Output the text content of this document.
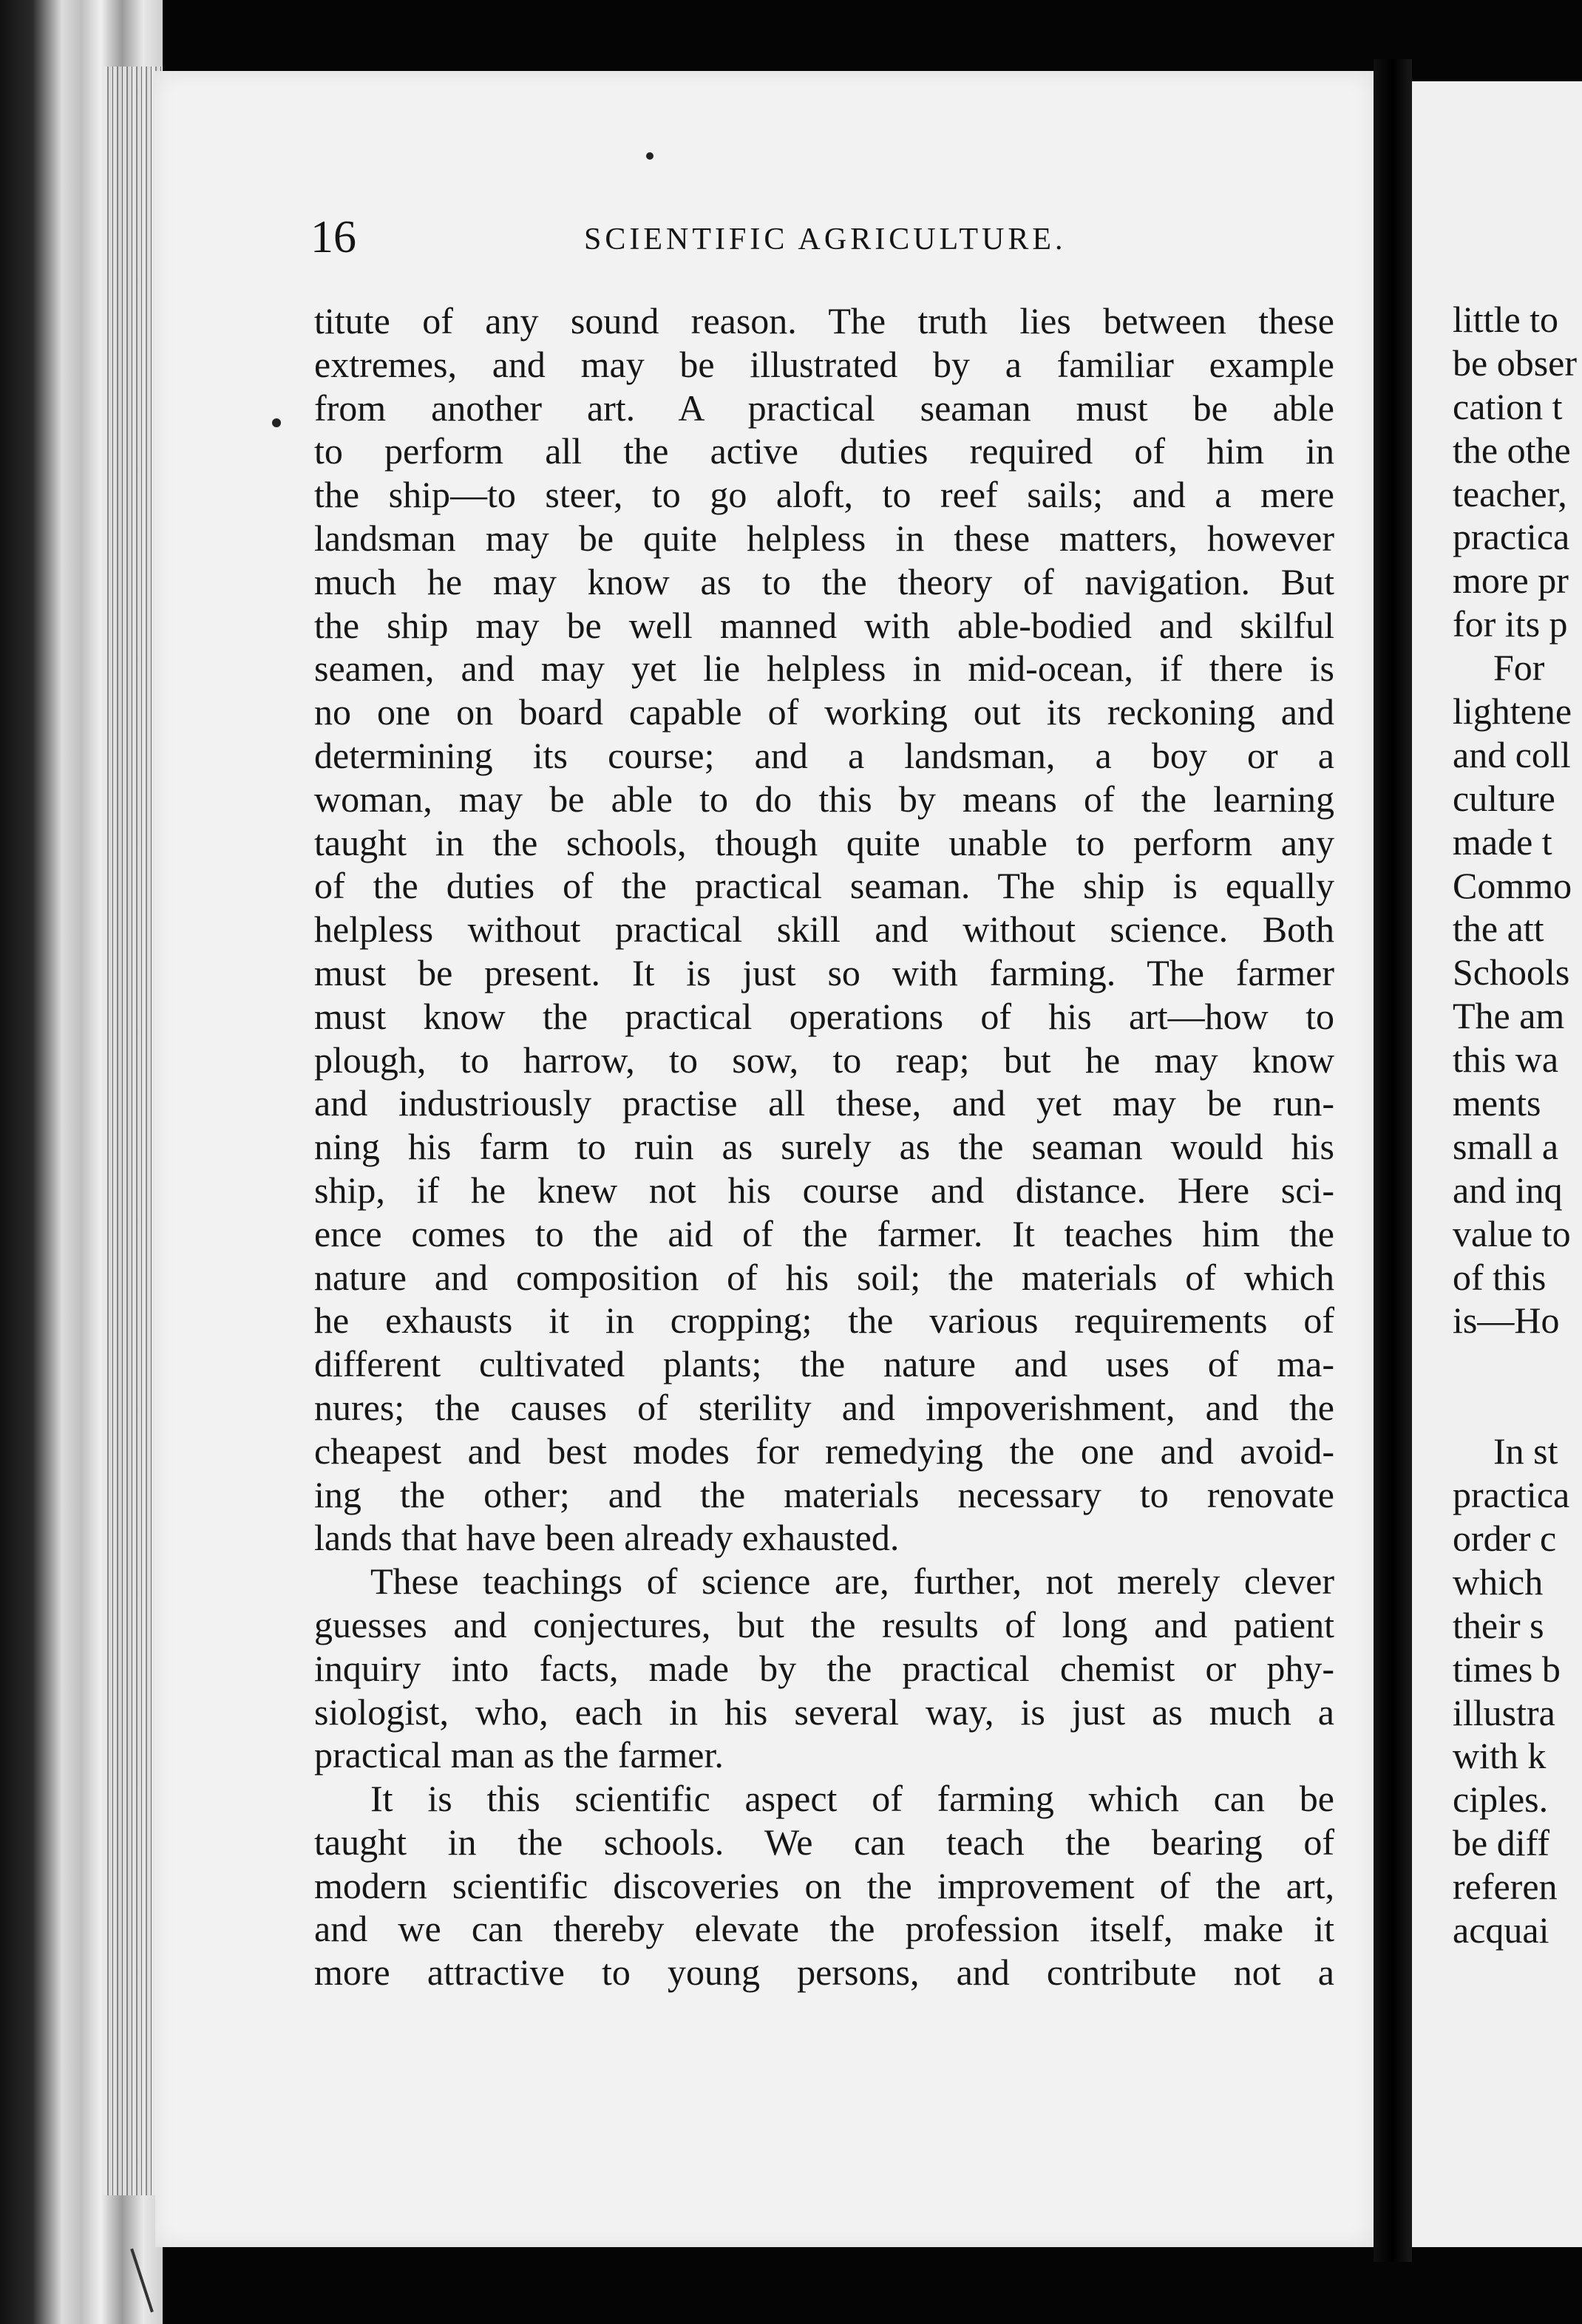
little to
be obser
cation t
the othe
teacher,
practica
more pr
for its p
For
lightene
and coll
culture
made t
Commo
the att
Schools
The am
this wa
ments
small a
and inq
value to
of this
is—Ho
In st
practica
order c
which
their s
times b
illustra
with k
ciples.
be diff
referen
acquai
16	SCIENTIFIC AGRICULTURE.
titute of any sound reason. The truth lies between these
extremes, and may be illustrated by a familiar example
from another art. A practical seaman must be able
to perform all the active duties required of him in
the ship—to steer, to go aloft, to reef sails; and a mere
landsman may be quite helpless in these matters, however
much he may know as to the theory of navigation. But
the ship may be well manned with able-bodied and skilful
seamen, and may yet lie helpless in mid-ocean, if there is
no one on board capable of working out its reckoning and
determining its course; and a landsman, a boy or a
woman, may be able to do this by means of the learning
taught in the schools, though quite unable to perform any
of the duties of the practical seaman. The ship is equally
helpless without practical skill and without science. Both
must be present. It is just so with farming. The farmer
must know the practical operations of his art—how to
plough, to harrow, to sow, to reap; but he may know
and industriously practise all these, and yet may be run-
ning his farm to ruin as surely as the seaman would his
ship, if he knew not his course and distance. Here sci-
ence comes to the aid of the farmer. It teaches him the
nature and composition of his soil; the materials of which
he exhausts it in cropping; the various requirements of
different cultivated plants; the nature and uses of ma-
nures; the causes of sterility and impoverishment, and the
cheapest and best modes for remedying the one and avoid-
ing the other; and the materials necessary to renovate
lands that have been already exhausted.
These teachings of science are, further, not merely clever
guesses and conjectures, but the results of long and patient
inquiry into facts, made by the practical chemist or phy-
siologist, who, each in his several way, is just as much a
practical man as the farmer.
It is this scientific aspect of farming which can be
taught in the schools. We can teach the bearing of
modern scientific discoveries on the improvement of the art,
and we can thereby elevate the profession itself, make it
more attractive to young persons, and contribute not a
